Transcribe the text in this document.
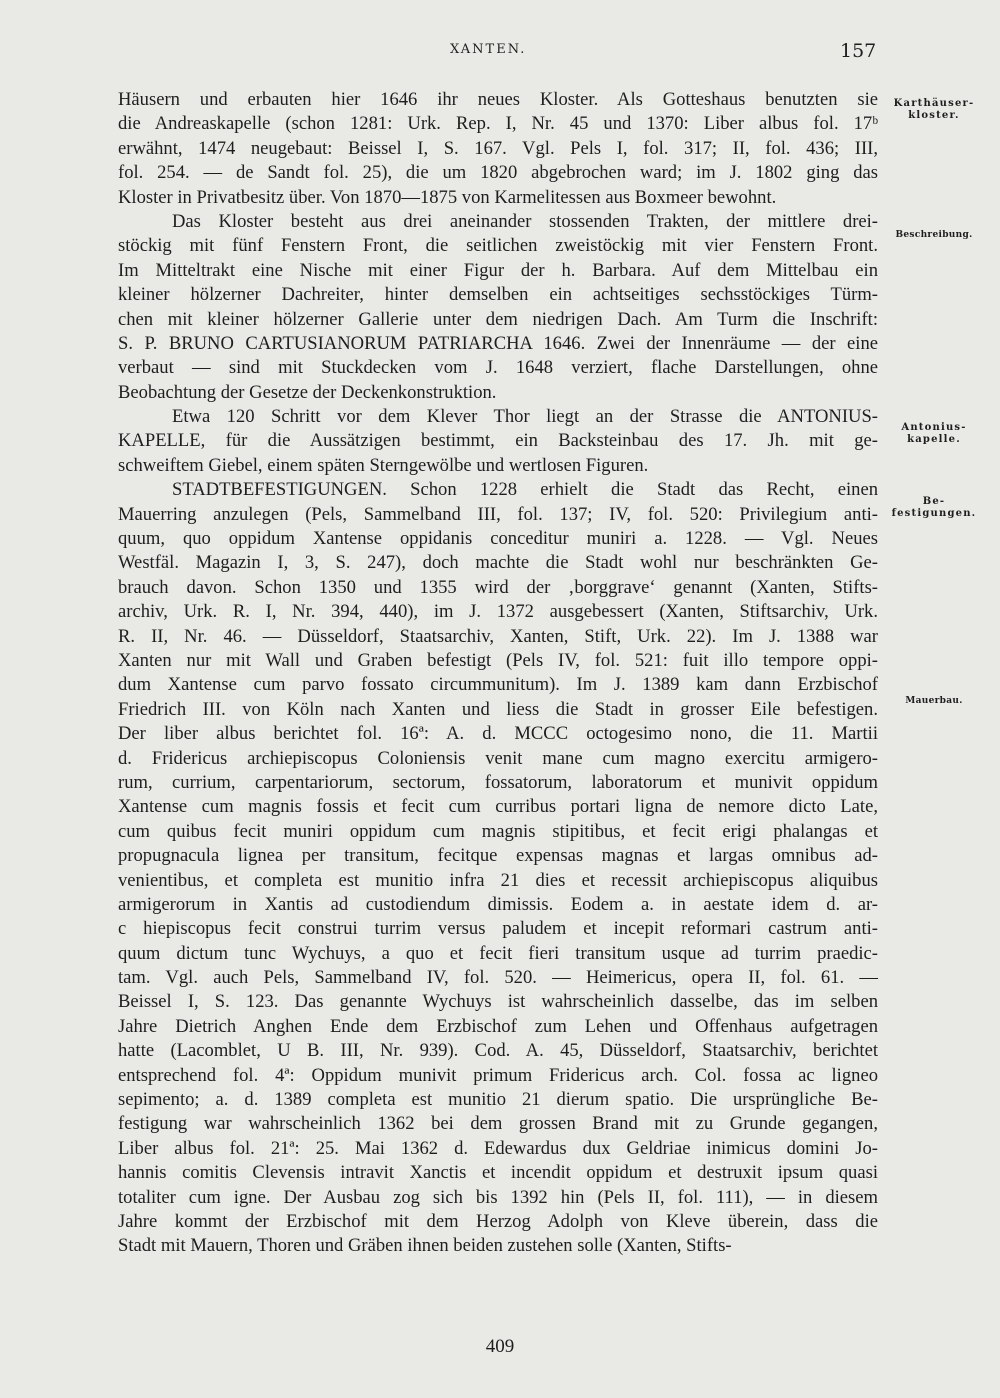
XANTEN.	157
Häusern und erbauten hier 1646 ihr neues Kloster. Als Gotteshaus benutzten sie
die Andreaskapelle (schon 1281: Urk. Rep. I, Nr. 45 und 1370: Liber albus fol. 17ᵇ
erwähnt, 1474 neugebaut: Beissel I, S. 167. Vgl. Pels I, fol. 317; II, fol. 436; III,
fol. 254. — de Sandt fol. 25), die um 1820 abgebrochen ward; im J. 1802 ging das
Kloster in Privatbesitz über. Von 1870—1875 von Karmelitessen aus Boxmeer bewohnt.
Das Kloster besteht aus drei aneinander stossenden Trakten, der mittlere drei-
stöckig mit fünf Fenstern Front, die seitlichen zweistöckig mit vier Fenstern Front.
Im Mitteltrakt eine Nische mit einer Figur der h. Barbara. Auf dem Mittelbau ein
kleiner hölzerner Dachreiter, hinter demselben ein achtseitiges sechsstöckiges Türm-
chen mit kleiner hölzerner Gallerie unter dem niedrigen Dach. Am Turm die Inschrift:
S. P. BRUNO CARTUSIANORUM PATRIARCHA 1646. Zwei der Innenräume — der eine
verbaut — sind mit Stuckdecken vom J. 1648 verziert, flache Darstellungen, ohne
Beobachtung der Gesetze der Deckenkonstruktion.
Etwa 120 Schritt vor dem Klever Thor liegt an der Strasse die ANTONIUS-
KAPELLE, für die Aussätzigen bestimmt, ein Backsteinbau des 17. Jh. mit ge-
schweiftem Giebel, einem späten Sterngewölbe und wertlosen Figuren.
STADTBEFESTIGUNGEN. Schon 1228 erhielt die Stadt das Recht, einen
Mauerring anzulegen (Pels, Sammelband III, fol. 137; IV, fol. 520: Privilegium anti-
quum, quo oppidum Xantense oppidanis conceditur muniri a. 1228. — Vgl. Neues
Westfäl. Magazin I, 3, S. 247), doch machte die Stadt wohl nur beschränkten Ge-
brauch davon. Schon 1350 und 1355 wird der ‚borggrave‘ genannt (Xanten, Stifts-
archiv, Urk. R. I, Nr. 394, 440), im J. 1372 ausgebessert (Xanten, Stiftsarchiv, Urk.
R. II, Nr. 46. — Düsseldorf, Staatsarchiv, Xanten, Stift, Urk. 22). Im J. 1388 war
Xanten nur mit Wall und Graben befestigt (Pels IV, fol. 521: fuit illo tempore oppi-
dum Xantense cum parvo fossato circummunitum). Im J. 1389 kam dann Erzbischof
Friedrich III. von Köln nach Xanten und liess die Stadt in grosser Eile befestigen.
Der liber albus berichtet fol. 16ª: A. d. MCCC octogesimo nono, die 11. Martii
d. Fridericus archiepiscopus Coloniensis venit mane cum magno exercitu armigero-
rum, currium, carpentariorum, sectorum, fossatorum, laboratorum et munivit oppidum
Xantense cum magnis fossis et fecit cum curribus portari ligna de nemore dicto Late,
cum quibus fecit muniri oppidum cum magnis stipitibus, et fecit erigi phalangas et
propugnacula lignea per transitum, fecitque expensas magnas et largas omnibus ad-
venientibus, et completa est munitio infra 21 dies et recessit archiepiscopus aliquibus
armigerorum in Xantis ad custodiendum dimissis. Eodem a. in aestate idem d. ar-
c hiepiscopus fecit construi turrim versus paludem et incepit reformari castrum anti-
quum dictum tunc Wychuys, a quo et fecit fieri transitum usque ad turrim praedic-
tam. Vgl. auch Pels, Sammelband IV, fol. 520. — Heimericus, opera II, fol. 61. —
Beissel I, S. 123. Das genannte Wychuys ist wahrscheinlich dasselbe, das im selben
Jahre Dietrich Anghen Ende dem Erzbischof zum Lehen und Offenhaus aufgetragen
hatte (Lacomblet, U B. III, Nr. 939). Cod. A. 45, Düsseldorf, Staatsarchiv, berichtet
entsprechend fol. 4ª: Oppidum munivit primum Fridericus arch. Col. fossa ac ligneo
sepimento; a. d. 1389 completa est munitio 21 dierum spatio. Die ursprüngliche Be-
festigung war wahrscheinlich 1362 bei dem grossen Brand mit zu Grunde gegangen,
Liber albus fol. 21ª: 25. Mai 1362 d. Edewardus dux Geldriae inimicus domini Jo-
hannis comitis Clevensis intravit Xanctis et incendit oppidum et destruxit ipsum quasi
totaliter cum igne. Der Ausbau zog sich bis 1392 hin (Pels II, fol. 111), — in diesem
Jahre kommt der Erzbischof mit dem Herzog Adolph von Kleve überein, dass die
Stadt mit Mauern, Thoren und Gräben ihnen beiden zustehen solle (Xanten, Stifts-
Karthäuser-
kloster.
Beschreibung.
Antonius-
kapelle.
Be-
festigungen.
Mauerbau.
409
